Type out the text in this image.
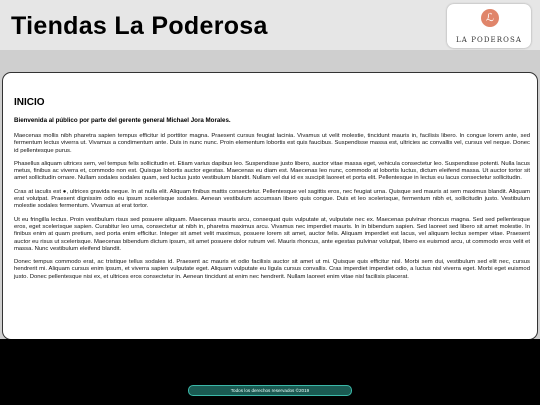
Tiendas La Poderosa	ℒ
LA PODEROSA
INICIO

Bienvenida al público por parte del gerente general Michael Jora Morales.

Maecenas mollis nibh pharetra sapien tempus efficitur id porttitor magna. Praesent cursus feugiat lacinia. Vivamus ut velit molestie, tincidunt mauris in, facilisis libero. In congue lorem ante, sed fermentum lectus viverra ut. Vivamus a condimentum ante. Duis in nunc nunc. Proin elementum lobortis est quis faucibus. Suspendisse massa est, ultricies ac convallis vel, cursus vel neque. Donec id pellentesque purus.

Phasellus aliquam ultrices sem, vel tempus felis sollicitudin et. Etiam varius dapibus leo. Suspendisse justo libero, auctor vitae massa eget, vehicula consectetur leo. Suspendisse potenti. Nulla lacus metus, finibus ac viverra et, commodo non est. Quisque lobortis auctor egestas. Maecenas eu diam est. Maecenas leo nunc, commodo at lobortis luctus, dictum eleifend massa. Ut auctor tortor sit amet sollicitudin ornare. Nullam sodales sodales quam, sed luctus justo vestibulum blandit. Nullam vel dui id ex suscipit laoreet et porta elit. Pellentesque in lectus eu lacus consectetur sollicitudin.

Cras at iaculis est ●, ultrices gravida neque. In at nulla elit. Aliquam finibus mattis consectetur. Pellentesque vel sagittis eros, nec feugiat urna. Quisque sed mauris at sem maximus blandit. Aliquam erat volutpat. Praesent dignissim odio eu ipsum scelerisque sodales. Aenean vestibulum accumsan libero quis congue. Duis et leo scelerisque, fermentum nibh et, sollicitudin justo. Vestibulum molestie sodales fermentum. Vivamus at erat tortor.

Ut eu fringilla lectus. Proin vestibulum risus sed posuere aliquam. Maecenas mauris arcu, consequat quis vulputate at, vulputate nec ex. Maecenas pulvinar rhoncus magna. Sed sed pellentesque eros, eget scelerisque sapien. Curabitur leo urna, consectetur at nibh in, pharetra maximus arcu. Vivamus nec imperdiet mauris. In in bibendum sapien. Sed laoreet sed libero sit amet molestie. In finibus enim at quam pretium, sed porta enim efficitur. Integer sit amet velit maximus, posuere lorem sit amet, auctor felis. Aliquam imperdiet est lacus, vel aliquam lectus semper vitae. Praesent auctor eu risus ut scelerisque. Maecenas bibendum dictum ipsum, sit amet posuere dolor rutrum vel. Mauris rhoncus, ante egestas pulvinar volutpat, libero ex euismod arcu, ut commodo eros velit et massa. Nunc vestibulum eleifend blandit.

Donec tempus commodo erat, ac tristique tellus sodales id. Praesent ac mauris et odio facilisis auctor sit amet ut mi. Quisque quis efficitur nisl. Morbi sem dui, vestibulum sed elit nec, cursus hendrerit mi. Aliquam cursus enim ipsum, et viverra sapien vulputate eget. Aliquam vulputate eu ligula cursus convallis. Cras imperdiet imperdiet odio, a luctus nisl viverra eget. Morbi eget euismod justo. Donec pellentesque nisi ex, et ultrices eros consectetur in. Aenean tincidunt at enim nec hendrerit. Nullam laoreet enim vitae nisl facilisis placerat.

Todos los derechos reservados ©2019
